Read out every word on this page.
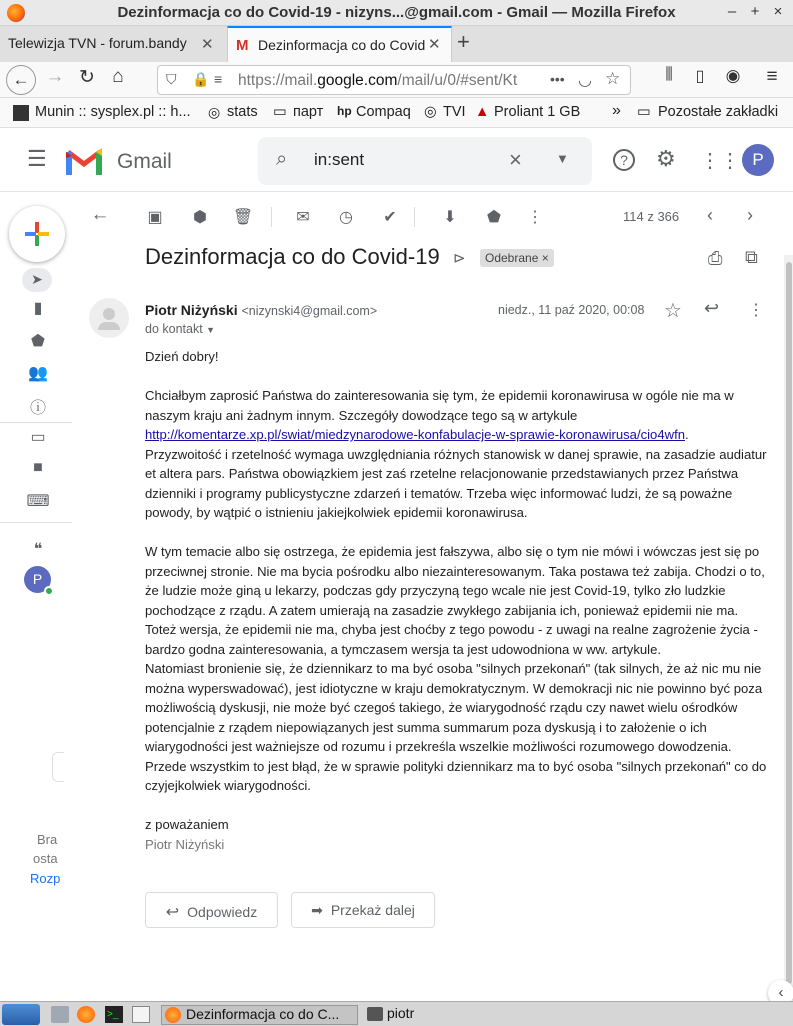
Dezinformacja co do Covid-19 - nizyns...@gmail.com - Gmail — Mozilla Firefox	– + ×
Telewizja TVN - forum.bandy ✕ M Dezinformacja co do Covid ✕ +
← → ↻ ⌂	⛉ 🔒 ≡ https://mail.google.com/mail/u/0/#sent/Kt	••• ◡ ☆	⫼	▯	◉	≡
Munin :: sysplex.pl :: h... ◎ stats ▭ парт hp Compaq ◎ TVI ▲ Proliant 1 GB » ▭ Pozostałe zakładki
☰	Gmail	⌕ in:sent	×	▼	?	⚙ ⋮⋮ P
➤
▮
⬟
👥
ⓘ
▭
■
⌨
❝
P
Bra
osta
Rozp
← ▣ ⬢ 🗑	✉ ◷ ✔	⬇ ⬟ ⋮	114 z 366	‹	›
Dezinformacja co do Covid-19 ⊳	Odebrane ×	⎙ ⧉
Piotr Niżyński <nizynski4@gmail.com>
do kontakt ▼
niedz., 11 paź 2020, 00:08 ☆ ↩ ⋮

Dzień dobry!

Chciałbym zaprosić Państwa do zainteresowania się tym, że epidemii koronawirusa w ogóle nie ma w naszym kraju ani żadnym innym. Szczegóły dowodzące tego są w artykule http://komentarze.xp.pl/swiat/miedzynarodowe-konfabulacje-w-sprawie-koronawirusa/cio4wfn.

Przyzwoitość i rzetelność wymaga uwzględniania różnych stanowisk w danej sprawie, na zasadzie audiatur et altera pars. Państwa obowiązkiem jest zaś rzetelne relacjonowanie przedstawianych przez Państwa dzienniki i programy publicystyczne zdarzeń i tematów. Trzeba więc informować ludzi, że są poważne powody, by wątpić o istnieniu jakiejkolwiek epidemii koronawirusa.

W tym temacie albo się ostrzega, że epidemia jest fałszywa, albo się o tym nie mówi i wówczas jest się po przeciwnej stronie. Nie ma bycia pośrodku albo niezainteresowanym. Taka postawa też zabija. Chodzi o to, że ludzie może giną u lekarzy, podczas gdy przyczyną tego wcale nie jest Covid-19, tylko zło ludzkie pochodzące z rządu. A zatem umierają na zasadzie zwykłego zabijania ich, ponieważ epidemii nie ma. Toteż wersja, że epidemii nie ma, chyba jest choćby z tego powodu - z uwagi na realne zagrożenie życia - bardzo godna zainteresowania, a tymczasem wersja ta jest udowodniona w ww. artykule.

Natomiast bronienie się, że dziennikarz to ma być osoba "silnych przekonań" (tak silnych, że aż nic mu nie można wyperswadować), jest idiotyczne w kraju demokratycznym. W demokracji nic nie powinno być poza możliwością dyskusji, nie może być czegoś takiego, że wiarygodność rządu czy nawet wielu ośrodków potencjalnie z rządem niepowiązanych jest summa summarum poza dyskusją i to założenie o ich wiarygodności jest ważniejsze od rozumu i przekreśla wszelkie możliwości rozumowego dowodzenia. Przede wszystkim to jest błąd, że w sprawie polityki dziennikarz ma to być osoba "silnych przekonań" co do czyjejkolwiek wiarygodności.

z poważaniem

Piotr Niżyński

↩ Odpowiedz	➡ Przekaż dalej
‹
>_	Dezinformacja co do C...	piotr
